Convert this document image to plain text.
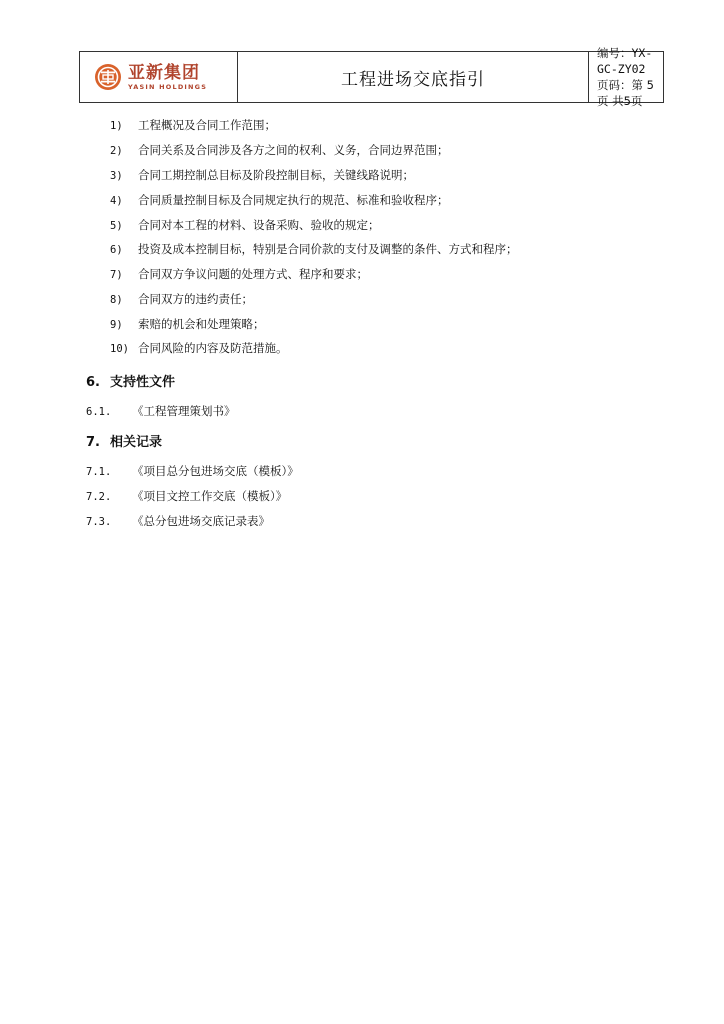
亚新集团
YASIN HOLDINGS	工程进场交底指引
编号：YX-GC-ZY02
页码：第 5 页 共5页
1) 工程概况及合同工作范围；
2) 合同关系及合同涉及各方之间的权利、义务，合同边界范围；
3) 合同工期控制总目标及阶段控制目标，关键线路说明；
4) 合同质量控制目标及合同规定执行的规范、标准和验收程序；
5) 合同对本工程的材料、设备采购、验收的规定；
6) 投资及成本控制目标，特别是合同价款的支付及调整的条件、方式和程序；
7) 合同双方争议问题的处理方式、程序和要求；
8) 合同双方的违约责任；
9) 索赔的机会和处理策略；
10) 合同风险的内容及防范措施。
6. 支持性文件
6.1. 《工程管理策划书》
7. 相关记录
7.1. 《项目总分包进场交底（模板）》
7.2. 《项目文控工作交底（模板）》
7.3. 《总分包进场交底记录表》
